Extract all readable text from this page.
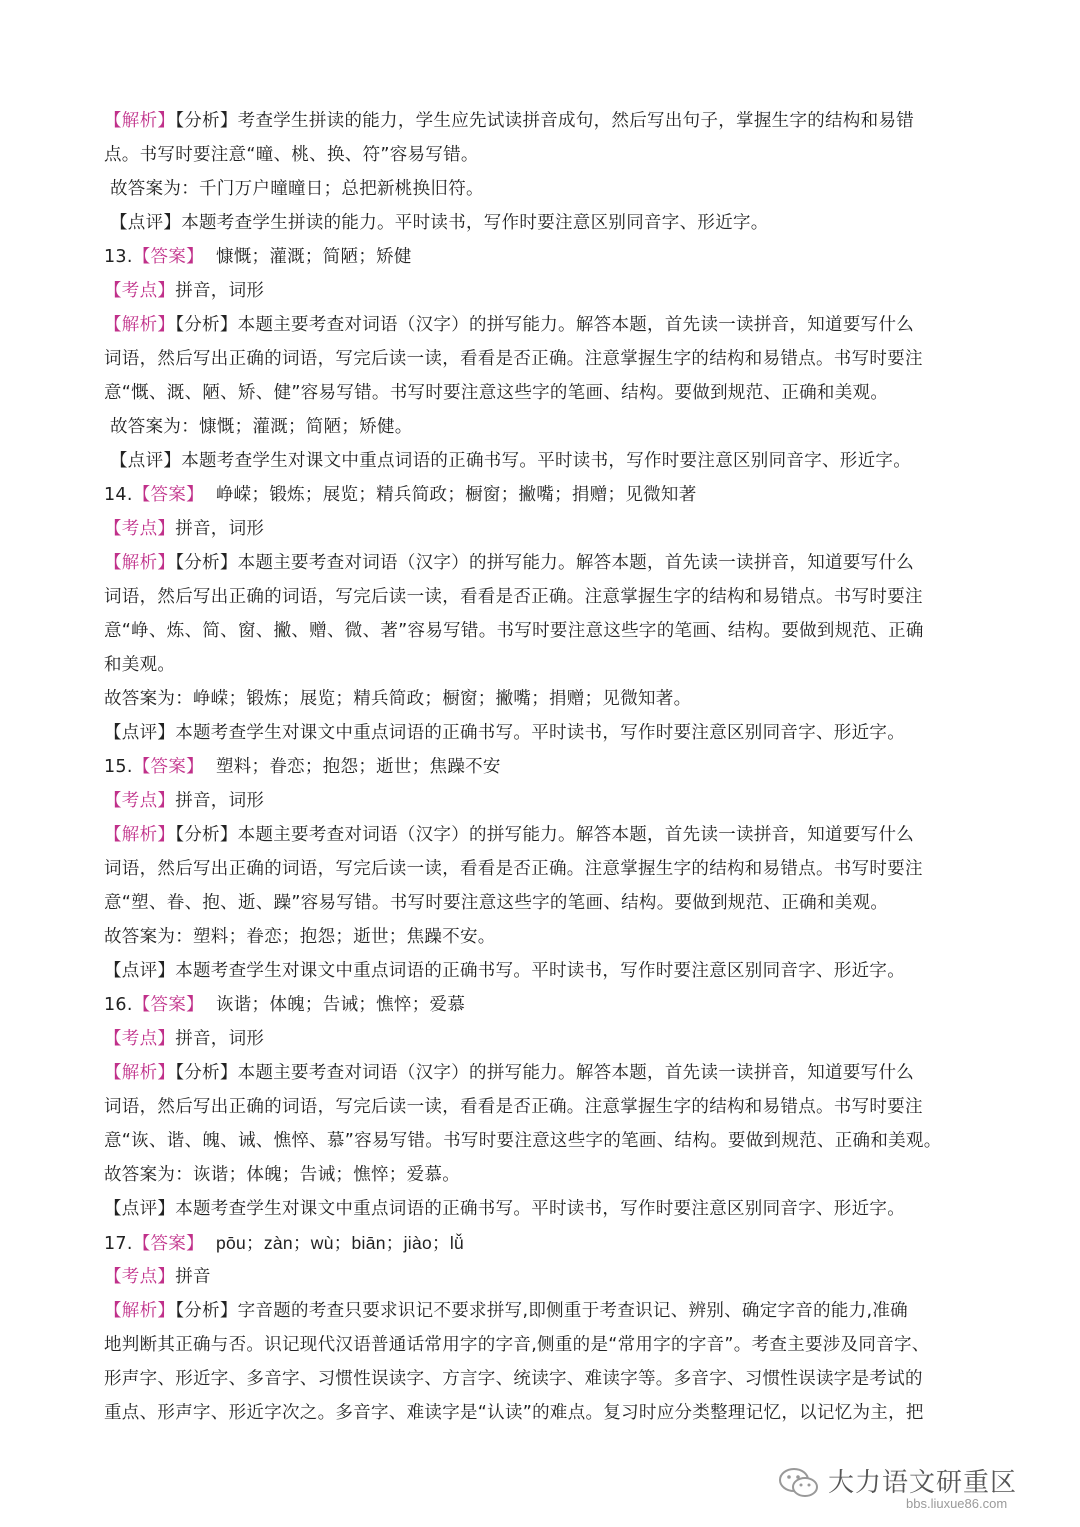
【解析】【分析】考查学生拼读的能力，学生应先试读拼音成句，然后写出句子，掌握生字的结构和易错
点。书写时要注意“曈、桃、换、符”容易写错。
故答案为：千门万户曈曈日；总把新桃换旧符。
【点评】本题考查学生拼读的能力。平时读书，写作时要注意区别同音字、形近字。
13.【答案】 慷慨；灌溉；简陋；矫健
【考点】拼音，词形
【解析】【分析】本题主要考查对词语（汉字）的拼写能力。解答本题，首先读一读拼音，知道要写什么
词语，然后写出正确的词语，写完后读一读，看看是否正确。注意掌握生字的结构和易错点。书写时要注
意“慨、溉、陋、矫、健”容易写错。书写时要注意这些字的笔画、结构。要做到规范、正确和美观。
故答案为：慷慨；灌溉；简陋；矫健。
【点评】本题考查学生对课文中重点词语的正确书写。平时读书，写作时要注意区别同音字、形近字。
14.【答案】 峥嵘；锻炼；展览；精兵简政；橱窗；撇嘴；捐赠；见微知著
【考点】拼音，词形
【解析】【分析】本题主要考查对词语（汉字）的拼写能力。解答本题，首先读一读拼音，知道要写什么
词语，然后写出正确的词语，写完后读一读，看看是否正确。注意掌握生字的结构和易错点。书写时要注
意“峥、炼、简、窗、撇、赠、微、著”容易写错。书写时要注意这些字的笔画、结构。要做到规范、正确
和美观。
故答案为：峥嵘；锻炼；展览；精兵简政；橱窗；撇嘴；捐赠；见微知著。
【点评】本题考查学生对课文中重点词语的正确书写。平时读书，写作时要注意区别同音字、形近字。
15.【答案】 塑料；眷恋；抱怨；逝世；焦躁不安
【考点】拼音，词形
【解析】【分析】本题主要考查对词语（汉字）的拼写能力。解答本题，首先读一读拼音，知道要写什么
词语，然后写出正确的词语，写完后读一读，看看是否正确。注意掌握生字的结构和易错点。书写时要注
意“塑、眷、抱、逝、躁”容易写错。书写时要注意这些字的笔画、结构。要做到规范、正确和美观。
故答案为：塑料；眷恋；抱怨；逝世；焦躁不安。
【点评】本题考查学生对课文中重点词语的正确书写。平时读书，写作时要注意区别同音字、形近字。
16.【答案】 诙谐；体魄；告诫；憔悴；爱慕
【考点】拼音，词形
【解析】【分析】本题主要考查对词语（汉字）的拼写能力。解答本题，首先读一读拼音，知道要写什么
词语，然后写出正确的词语，写完后读一读，看看是否正确。注意掌握生字的结构和易错点。书写时要注
意“诙、谐、魄、诫、憔悴、慕”容易写错。书写时要注意这些字的笔画、结构。要做到规范、正确和美观。
故答案为：诙谐；体魄；告诫；憔悴；爱慕。
【点评】本题考查学生对课文中重点词语的正确书写。平时读书，写作时要注意区别同音字、形近字。
17.【答案】 pōu；zàn；wù；biān；jiào；lǚ
【考点】拼音
【解析】【分析】字音题的考查只要求识记不要求拼写,即侧重于考查识记、辨别、确定字音的能力,准确
地判断其正确与否。识记现代汉语普通话常用字的字音,侧重的是“常用字的字音”。考查主要涉及同音字、
形声字、形近字、多音字、习惯性误读字、方言字、统读字、难读字等。多音字、习惯性误读字是考试的
重点、形声字、形近字次之。多音字、难读字是“认读”的难点。复习时应分类整理记忆，以记忆为主，把
大力语文研重区
bbs.liuxue86.com
